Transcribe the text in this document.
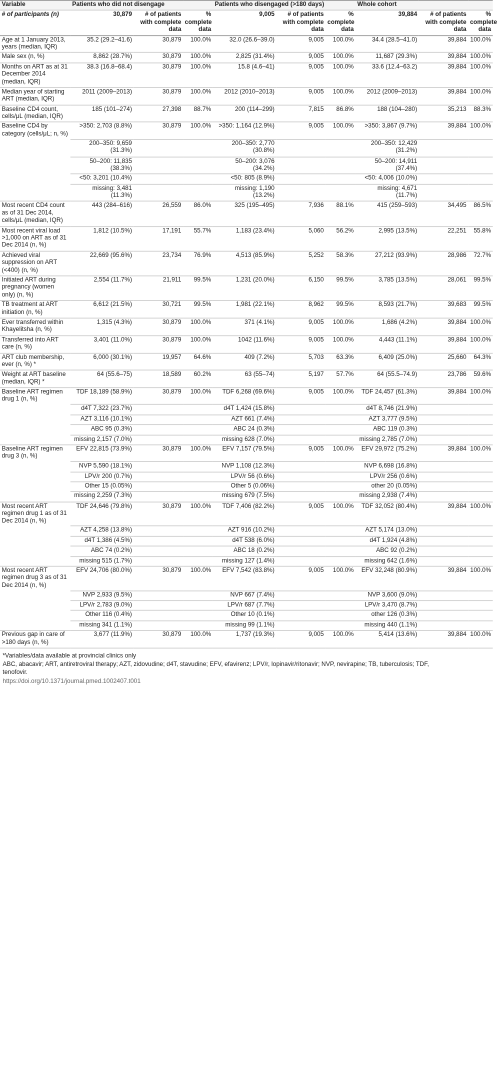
Variable	Patients who did not disengage			Patients who disengaged (>180 days)			Whole cohort		
# of participants (n)	30,879	# of patients with complete data	% complete data	9,005	# of patients with complete data	% complete data	39,884	# of patients with complete data	% complete data
Age at 1 January 2013, years (median, IQR)	35.2 (29.2–41.6)	30,879	100.0%	32.0 (26.6–39.0)	9,005	100.0%	34.4 (28.5–41.0)	39,884	100.0%
Male sex (n, %)	8,862 (28.7%)	30,879	100.0%	2,825 (31.4%)	9,005	100.0%	11,687 (29.3%)	39,884	100.0%
Months on ART as at 31 December 2014 (median, IQR)	38.3 (16.8–68.4)	30,879	100.0%	15.8 (4.6–41)	9,005	100.0%	33.6 (12.4–63.2)	39,884	100.0%
Median year of starting ART (median, IQR)	2011 (2009–2013)	30,879	100.0%	2012 (2010–2013)	9,005	100.0%	2012 (2009–2013)	39,884	100.0%
Baseline CD4 count, cells/μL (median, IQR)	185 (101–274)	27,398	88.7%	200 (114–299)	7,815	86.8%	188 (104–280)	35,213	88.3%
Baseline CD4 by category (cells/μL; n, %)	>350: 2,703 (8.8%)	30,879	100.0%	>350: 1,164 (12.9%)	9,005	100.0%	>350: 3,867 (9.7%)	39,884	100.0%
	200–350: 9,659 (31.3%)			200–350: 2,770 (30.8%)			200–350: 12,429 (31.2%)		
	50–200: 11,835 (38.3%)			50–200: 3,076 (34.2%)			50–200: 14,911 (37.4%)		
	<50: 3,201 (10.4%)			<50: 805 (8.9%)			<50: 4,006 (10.0%)		
	missing: 3,481 (11.3%)			missing: 1,190 (13.2%)			missing: 4,671 (11.7%)		
Most recent CD4 count as of 31 Dec 2014, cells/μL (median, IQR)	443 (284–616)	26,559	86.0%	325 (195–495)	7,936	88.1%	415 (259–593)	34,495	86.5%
Most recent viral load >1,000 on ART as of 31 Dec 2014 (n, %)	1,812 (10.5%)	17,191	55.7%	1,183 (23.4%)	5,060	56.2%	2,995 (13.5%)	22,251	55.8%
Achieved viral suppression on ART (<400) (n, %)	22,669 (95.6%)	23,734	76.9%	4,513 (85.9%)	5,252	58.3%	27,212 (93.9%)	28,986	72.7%
Initiated ART during pregnancy (women only) (n, %)	2,554 (11.7%)	21,911	99.5%	1,231 (20.0%)	6,150	99.5%	3,785 (13.5%)	28,061	99.5%
TB treatment at ART initiation (n, %)	6,612 (21.5%)	30,721	99.5%	1,981 (22.1%)	8,962	99.5%	8,593 (21.7%)	39,683	99.5%
Ever transferred within Khayelitsha (n, %)	1,315 (4.3%)	30,879	100.0%	371 (4.1%)	9,005	100.0%	1,686 (4.2%)	39,884	100.0%
Transferred into ART care (n, %)	3,401 (11.0%)	30,879	100.0%	1042 (11.6%)	9,005	100.0%	4,443 (11.1%)	39,884	100.0%
ART club membership, ever (n, %) *	6,000 (30.1%)	19,957	64.6%	409 (7.2%)	5,703	63.3%	6,409 (25.0%)	25,660	64.3%
Weight at ART baseline (median, IQR) *	64 (55.6–75)	18,589	60.2%	63 (55–74)	5,197	57.7%	64 (55.5–74.9)	23,786	59.6%
Baseline ART regimen drug 1 (n, %)	TDF 18,189 (58.9%)	30,879	100.0%	TDF 6,268 (69.6%)	9,005	100.0%	TDF 24,457 (61.3%)	39,884	100.0%
	d4T 7,322 (23.7%)			d4T 1,424 (15.8%)			d4T 8,746 (21.9%)		
	AZT 3,116 (10.1%)			AZT 661 (7.4%)			AZT 3,777 (9.5%)		
	ABC 95 (0.3%)			ABC 24 (0.3%)			ABC 119 (0.3%)		
	missing 2,157 (7.0%)			missing 628 (7.0%)			missing 2,785 (7.0%)		
Baseline ART regimen drug 3 (n, %)	EFV 22,815 (73.9%)	30,879	100.0%	EFV 7,157 (79.5%)	9,005	100.0%	EFV 29,972 (75.2%)	39,884	100.0%
	NVP 5,590 (18.1%)			NVP 1,108 (12.3%)			NVP 6,698 (16.8%)		
	LPV/r 200 (0.7%)			LPV/r 56 (0.6%)			LPV/r 256 (0.6%)		
	Other 15 (0.05%)			Other 5 (0.06%)			other 20 (0.05%)		
	missing 2,259 (7.3%)			missing 679 (7.5%)			missing 2,938 (7.4%)		
Most recent ART regimen drug 1 as of 31 Dec 2014 (n, %)	TDF 24,646 (79.8%)	30,879	100.0%	TDF 7,406 (82.2%)	9,005	100.0%	TDF 32,052 (80.4%)	39,884	100.0%
	AZT 4,258 (13.8%)			AZT 916 (10.2%)			AZT 5,174 (13.0%)		
	d4T 1,386 (4.5%)			d4T 538 (6.0%)			d4T 1,924 (4.8%)		
	ABC 74 (0.2%)			ABC 18 (0.2%)			ABC 92 (0.2%)		
	missing 515 (1.7%)			missing 127 (1.4%)			missing 642 (1.6%)		
Most recent ART regimen drug 3 as of 31 Dec 2014 (n, %)	EFV 24,706 (80.0%)	30,879	100.0%	EFV 7,542 (83.8%)	9,005	100.0%	EFV 32,248 (80.9%)	39,884	100.0%
	NVP 2,933 (9.5%)			NVP 667 (7.4%)			NVP 3,600 (9.0%)		
	LPV/r 2,783 (9.0%)			LPV/r 687 (7.7%)			LPV/r 3,470 (8.7%)		
	Other 116 (0.4%)			Other 10 (0.1%)			other 126 (0.3%)		
	missing 341 (1.1%)			missing 99 (1.1%)			missing 440 (1.1%)		
Previous gap in care of >180 days (n, %)	3,677 (11.9%)	30,879	100.0%	1,737 (19.3%)	9,005	100.0%	5,414 (13.6%)	39,884	100.0%
*Variables/data available at provincial clinics only
ABC, abacavir; ART, antiretroviral therapy; AZT, zidovudine; d4T, stavudine; EFV, efavirenz; LPV/r, lopinavir/ritonavir; NVP, nevirapine; TB, tuberculosis; TDF, tenofovir.
https://doi.org/10.1371/journal.pmed.1002407.t001
